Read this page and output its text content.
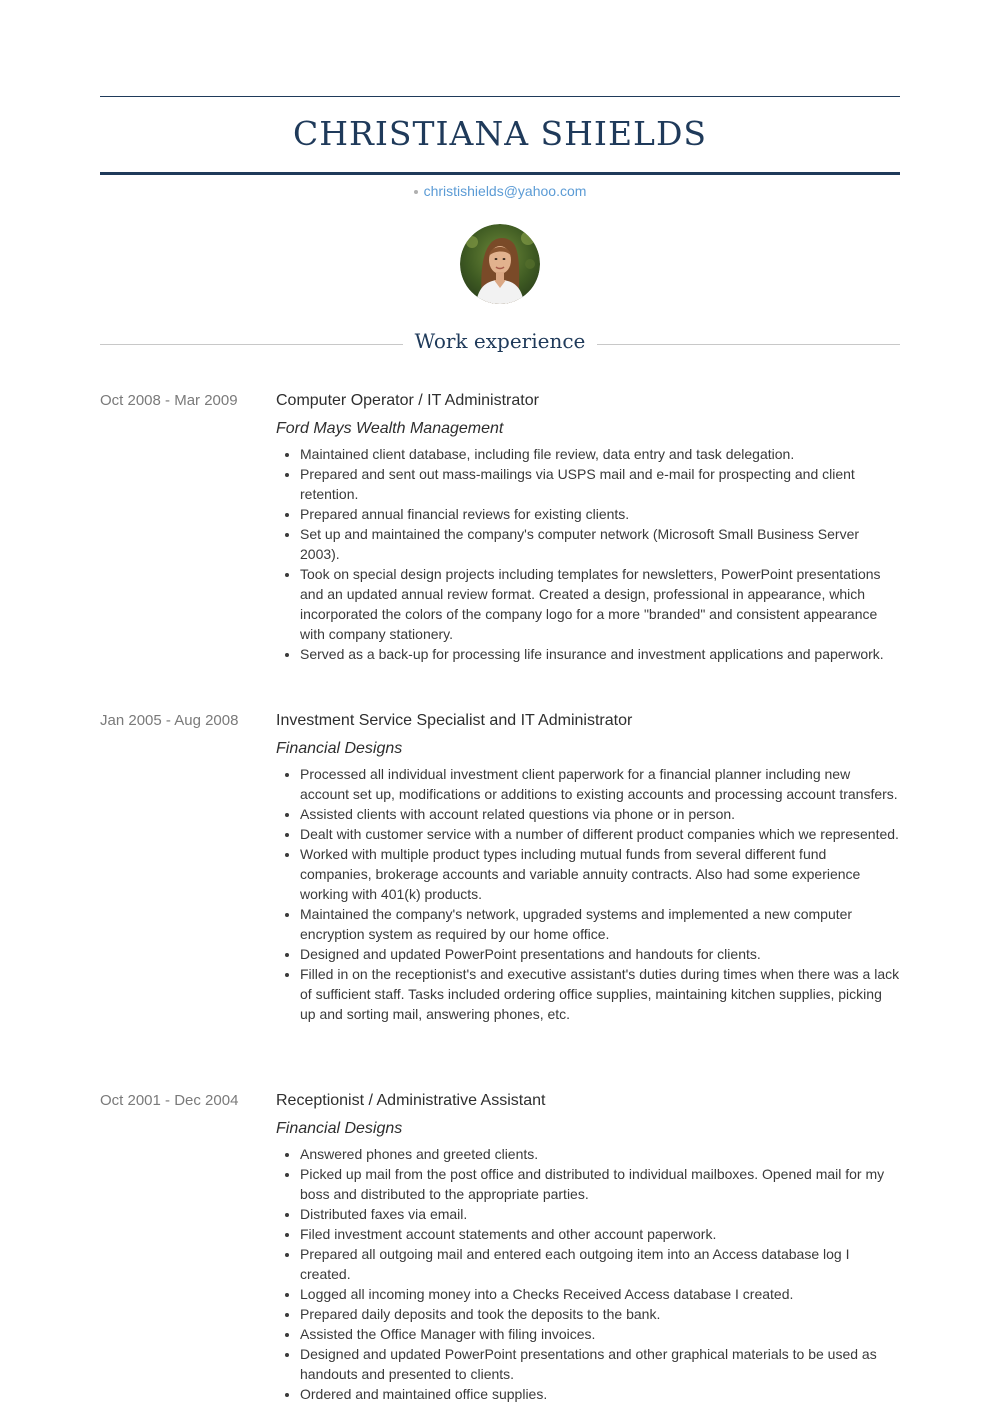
CHRISTIANA SHIELDS
christishields@yahoo.com
Work experience
Oct 2008 - Mar 2009	Computer Operator / IT Administrator

Ford Mays Wealth Management

• Maintained client database, including file review, data entry and task delegation.
• Prepared and sent out mass-mailings via USPS mail and e-mail for prospecting and client retention.
• Prepared annual financial reviews for existing clients.
• Set up and maintained the company's computer network (Microsoft Small Business Server 2003).
• Took on special design projects including templates for newsletters, PowerPoint presentations and an updated annual review format. Created a design, professional in appearance, which incorporated the colors of the company logo for a more "branded" and consistent appearance with company stationery.
• Served as a back-up for processing life insurance and investment applications and paperwork.
Jan 2005 - Aug 2008	Investment Service Specialist and IT Administrator

Financial Designs

• Processed all individual investment client paperwork for a financial planner including new account set up, modifications or additions to existing accounts and processing account transfers.
• Assisted clients with account related questions via phone or in person.
• Dealt with customer service with a number of different product companies which we represented.
• Worked with multiple product types including mutual funds from several different fund companies, brokerage accounts and variable annuity contracts. Also had some experience working with 401(k) products.
• Maintained the company's network, upgraded systems and implemented a new computer encryption system as required by our home office.
• Designed and updated PowerPoint presentations and handouts for clients.
• Filled in on the receptionist's and executive assistant's duties during times when there was a lack of sufficient staff. Tasks included ordering office supplies, maintaining kitchen supplies, picking up and sorting mail, answering phones, etc.
Oct 2001 - Dec 2004	Receptionist / Administrative Assistant

Financial Designs

• Answered phones and greeted clients.
• Picked up mail from the post office and distributed to individual mailboxes. Opened mail for my boss and distributed to the appropriate parties.
• Distributed faxes via email.
• Filed investment account statements and other account paperwork.
• Prepared all outgoing mail and entered each outgoing item into an Access database log I created.
• Logged all incoming money into a Checks Received Access database I created.
• Prepared daily deposits and took the deposits to the bank.
• Assisted the Office Manager with filing invoices.
• Designed and updated PowerPoint presentations and other graphical materials to be used as handouts and presented to clients.
• Ordered and maintained office supplies.
